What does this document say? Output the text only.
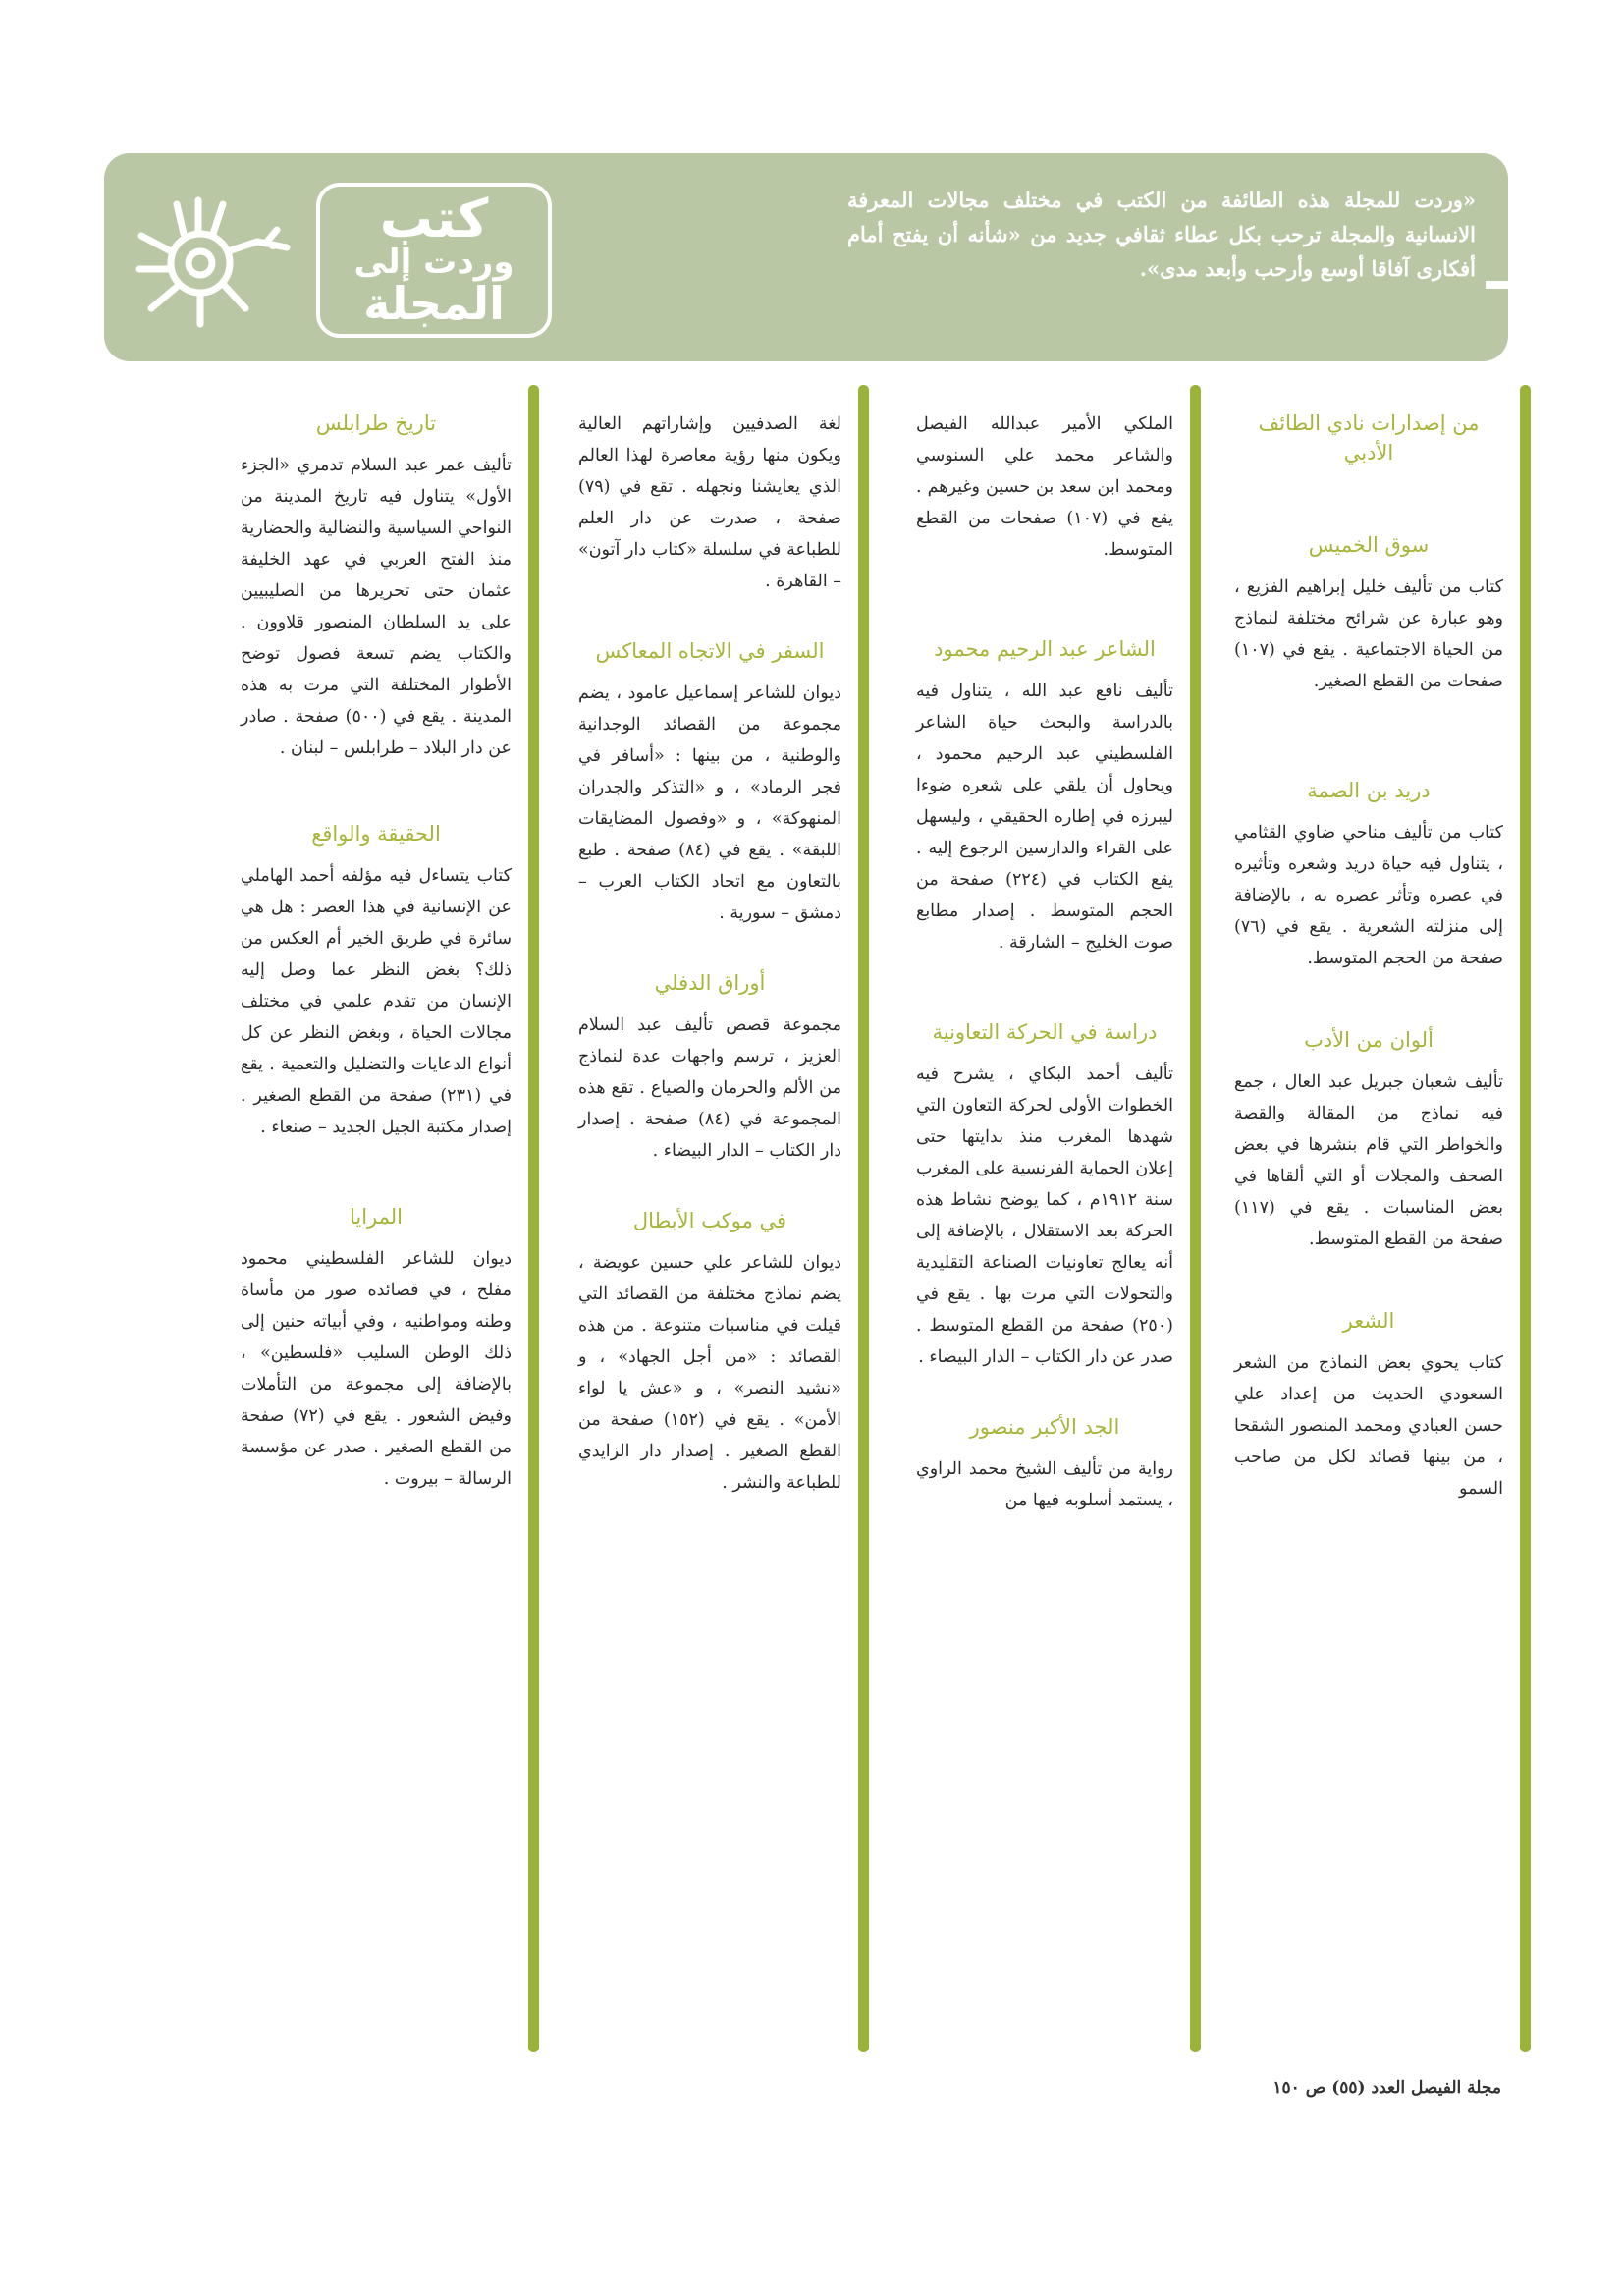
«وردت للمجلة هذه الطائفة من الكتب في مختلف مجالات المعرفة الانسانية والمجلة ترحب بكل عطاء ثقافي جديد من «شأنه أن يفتح أمام أفكارى آفاقا أوسع وأرحب وأبعد مدى».
كتب
وردت إلى
المجلة
من إصدارات نادي الطائف الأدبي
سوق الخميس

كتاب من تأليف خليل إبراهيم الفزيع ، وهو عبارة عن شرائح مختلفة لنماذج من الحياة الاجتماعية . يقع في (١٠٧) صفحات من القطع الصغير.

دريد بن الصمة

كتاب من تأليف مناحي ضاوي القثامي ، يتناول فيه حياة دريد وشعره وتأثيره في عصره وتأثر عصره به ، بالإضافة إلى منزلته الشعرية . يقع في (٧٦) صفحة من الحجم المتوسط.

ألوان من الأدب

تأليف شعبان جبريل عبد العال ، جمع فيه نماذج من المقالة والقصة والخواطر التي قام بنشرها في بعض الصحف والمجلات أو التي ألقاها في بعض المناسبات . يقع في (١١٧) صفحة من القطع المتوسط.

الشعر

كتاب يحوي بعض النماذج من الشعر السعودي الحديث من إعداد علي حسن العبادي ومحمد المنصور الشقحا ، من بينها قصائد لكل من صاحب السمو

الملكي الأمير عبدالله الفيصل والشاعر محمد علي السنوسي ومحمد ابن سعد بن حسين وغيرهم . يقع في (١٠٧) صفحات من القطع المتوسط.

الشاعر عبد الرحيم محمود

تأليف نافع عبد الله ، يتناول فيه بالدراسة والبحث حياة الشاعر الفلسطيني عبد الرحيم محمود ، ويحاول أن يلقي على شعره ضوءا ليبرزه في إطاره الحقيقي ، وليسهل على القراء والدارسين الرجوع إليه . يقع الكتاب في (٢٢٤) صفحة من الحجم المتوسط . إصدار مطابع صوت الخليج – الشارقة .

دراسة في الحركة التعاونية

تأليف أحمد البكاي ، يشرح فيه الخطوات الأولى لحركة التعاون التي شهدها المغرب منذ بدايتها حتى إعلان الحماية الفرنسية على المغرب سنة ١٩١٢م ، كما يوضح نشاط هذه الحركة بعد الاستقلال ، بالإضافة إلى أنه يعالج تعاونيات الصناعة التقليدية والتحولات التي مرت بها . يقع في (٢٥٠) صفحة من القطع المتوسط . صدر عن دار الكتاب – الدار البيضاء .

الجد الأكبر منصور

رواية من تأليف الشيخ محمد الراوي ، يستمد أسلوبه فيها من

لغة الصدفيين وإشاراتهم العالية ويكون منها رؤية معاصرة لهذا العالم الذي يعايشنا ونجهله . تقع في (٧٩) صفحة ، صدرت عن دار العلم للطباعة في سلسلة «كتاب دار آتون» – القاهرة .

السفر في الاتجاه المعاكس

ديوان للشاعر إسماعيل عامود ، يضم مجموعة من القصائد الوجدانية والوطنية ، من بينها : «أسافر في فجر الرماد» ، و «التذكر والجدران المنهوكة» ، و «وفصول المضايقات اللبقة» . يقع في (٨٤) صفحة . طبع بالتعاون مع اتحاد الكتاب العرب – دمشق – سورية .

أوراق الدفلي

مجموعة قصص تأليف عبد السلام العزيز ، ترسم واجهات عدة لنماذج من الألم والحرمان والضياع . تقع هذه المجموعة في (٨٤) صفحة . إصدار دار الكتاب – الدار البيضاء .

في موكب الأبطال

ديوان للشاعر علي حسين عويضة ، يضم نماذج مختلفة من القصائد التي قيلت في مناسبات متنوعة . من هذه القصائد : «من أجل الجهاد» ، و «نشيد النصر» ، و «عش يا لواء الأمن» . يقع في (١٥٢) صفحة من القطع الصغير . إصدار دار الزايدي للطباعة والنشر .

تاريخ طرابلس

تأليف عمر عبد السلام تدمري «الجزء الأول» يتناول فيه تاريخ المدينة من النواحي السياسية والنضالية والحضارية منذ الفتح العربي في عهد الخليفة عثمان حتى تحريرها من الصليبيين على يد السلطان المنصور قلاوون . والكتاب يضم تسعة فصول توضح الأطوار المختلفة التي مرت به هذه المدينة . يقع في (٥٠٠) صفحة . صادر عن دار البلاد – طرابلس – لبنان .

الحقيقة والواقع

كتاب يتساءل فيه مؤلفه أحمد الهاملي عن الإنسانية في هذا العصر : هل هي سائرة في طريق الخير أم العكس من ذلك؟ بغض النظر عما وصل إليه الإنسان من تقدم علمي في مختلف مجالات الحياة ، وبغض النظر عن كل أنواع الدعايات والتضليل والتعمية . يقع في (٢٣١) صفحة من القطع الصغير . إصدار مكتبة الجيل الجديد – صنعاء .

المرايا

ديوان للشاعر الفلسطيني محمود مفلح ، في قصائده صور من مأساة وطنه ومواطنيه ، وفي أبياته حنين إلى ذلك الوطن السليب «فلسطين» ، بالإضافة إلى مجموعة من التأملات وفيض الشعور . يقع في (٧٢) صفحة من القطع الصغير . صدر عن مؤسسة الرسالة – بيروت .

مجلة الفيصل العدد (٥٥) ص ١٥٠
